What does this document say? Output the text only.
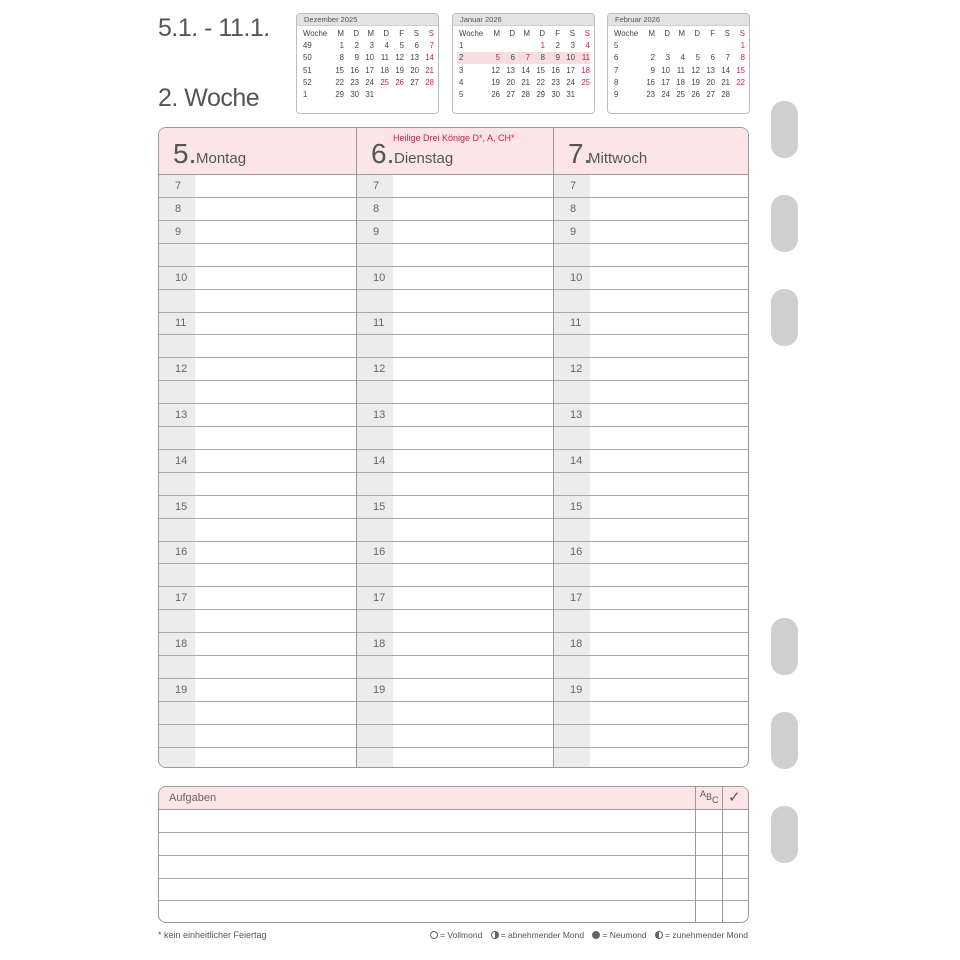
5.1. - 11.1.
2. Woche
Dezember 2025
Woche	M	D	M	D	F	S	S
49	1	2	3	4	5	6	7
50	8	9	10	11	12	13	14
51	15	16	17	18	19	20	21
52	22	23	24	25	26	27	28
1	29	30	31				
Januar 2026
Woche	M	D	M	D	F	S	S
1				1	2	3	4
2	5	6	7	8	9	10	11
3	12	13	14	15	16	17	18
4	19	20	21	22	23	24	25
5	26	27	28	29	30	31	
Februar 2026
Woche	M	D	M	D	F	S	S
5							1
6	2	3	4	5	6	7	8
7	9	10	11	12	13	14	15
8	16	17	18	19	20	21	22
9	23	24	25	26	27	28	
5. Montag
7
8
9
10
11
12
13
14
15
16
17
18
19
Heilige Drei Könige D*, A, CH*
6. Dienstag
7
8
9
10
11
12
13
14
15
16
17
18
19
7.
Mittwoch
7
8
9
10
11
12
13
14
15
16
17
18
19
Aufgaben	ABC ✓
* kein einheitlicher Feiertag	= Vollmond = abnehmender Mond = Neumond = zunehmender Mond
